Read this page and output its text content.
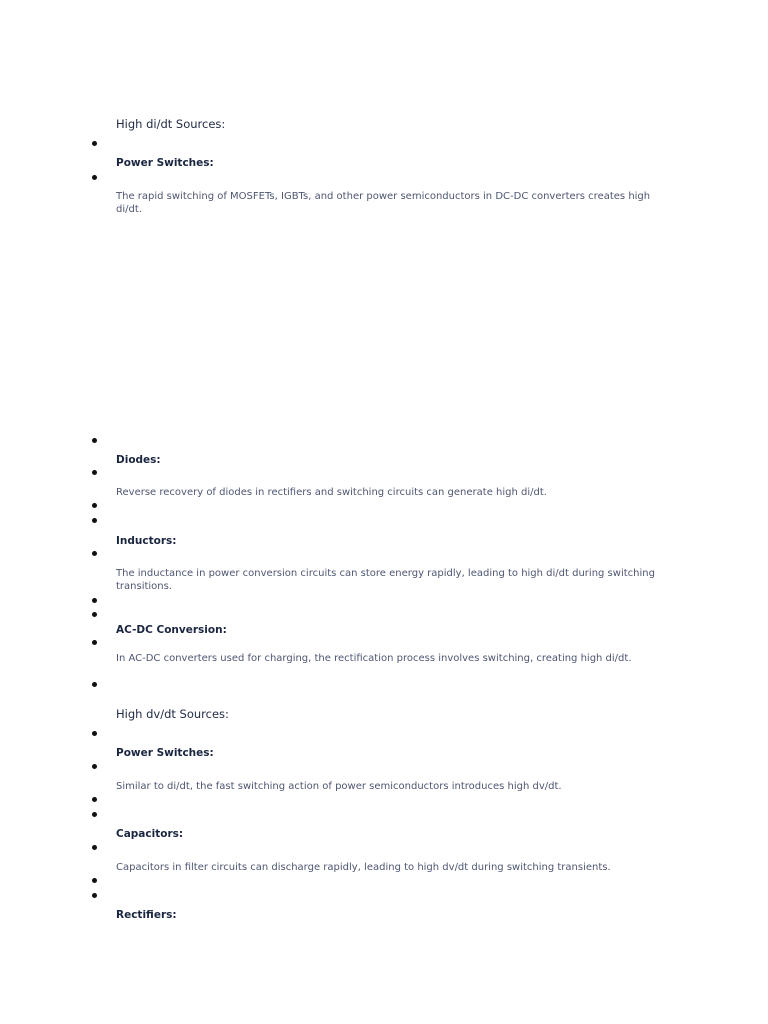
High di/dt Sources:
Power Switches:
The rapid switching of MOSFETs, IGBTs, and other power semiconductors in DC-DC converters creates high di/dt.
Diodes:
Reverse recovery of diodes in rectifiers and switching circuits can generate high di/dt.
Inductors:
The inductance in power conversion circuits can store energy rapidly, leading to high di/dt during switching transitions.
AC-DC Conversion:
In AC-DC converters used for charging, the rectification process involves switching, creating high di/dt.
High dv/dt Sources:
Power Switches:
Similar to di/dt, the fast switching action of power semiconductors introduces high dv/dt.
Capacitors:
Capacitors in filter circuits can discharge rapidly, leading to high dv/dt during switching transients.
Rectifiers:
